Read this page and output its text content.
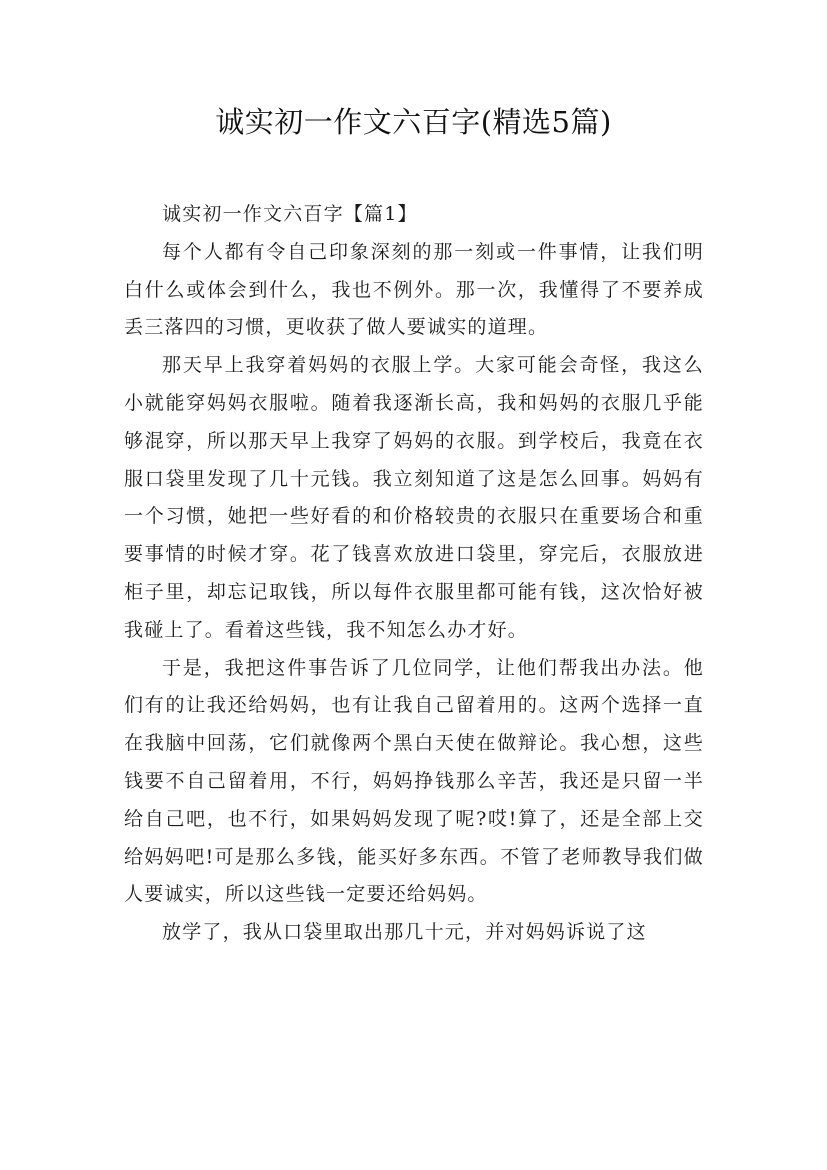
诚实初一作文六百字(精选5篇)

诚实初一作文六百字【篇1】

每个人都有令自己印象深刻的那一刻或一件事情，让我们明白什么或体会到什么，我也不例外。那一次，我懂得了不要养成丢三落四的习惯，更收获了做人要诚实的道理。

那天早上我穿着妈妈的衣服上学。大家可能会奇怪，我这么小就能穿妈妈衣服啦。随着我逐渐长高，我和妈妈的衣服几乎能够混穿，所以那天早上我穿了妈妈的衣服。到学校后，我竟在衣服口袋里发现了几十元钱。我立刻知道了这是怎么回事。妈妈有一个习惯，她把一些好看的和价格较贵的衣服只在重要场合和重要事情的时候才穿。花了钱喜欢放进口袋里，穿完后，衣服放进柜子里，却忘记取钱，所以每件衣服里都可能有钱，这次恰好被我碰上了。看着这些钱，我不知怎么办才好。

于是，我把这件事告诉了几位同学，让他们帮我出办法。他们有的让我还给妈妈，也有让我自己留着用的。这两个选择一直在我脑中回荡，它们就像两个黑白天使在做辩论。我心想，这些钱要不自己留着用，不行，妈妈挣钱那么辛苦，我还是只留一半给自己吧，也不行，如果妈妈发现了呢?哎!算了，还是全部上交给妈妈吧!可是那么多钱，能买好多东西。不管了老师教导我们做人要诚实，所以这些钱一定要还给妈妈。

放学了，我从口袋里取出那几十元，并对妈妈诉说了这
